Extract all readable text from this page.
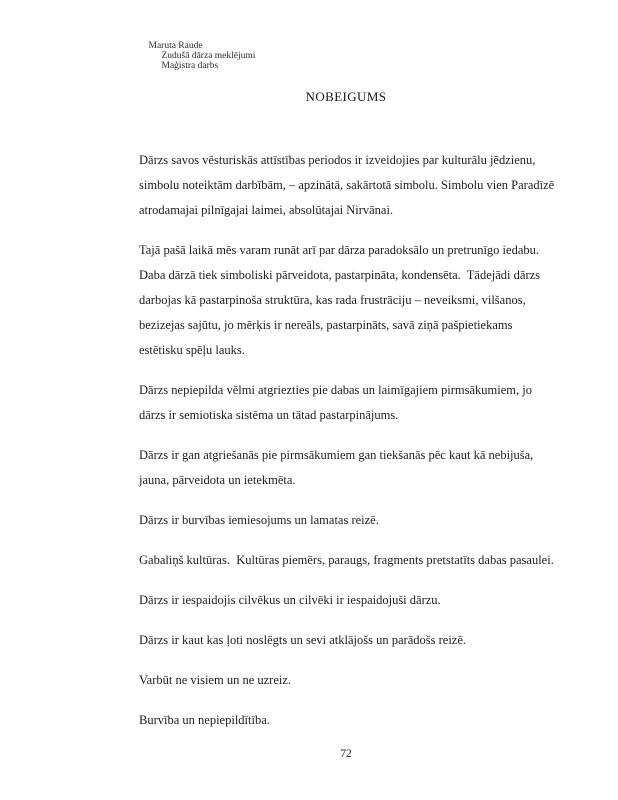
Maruta Raude
Zudušā dārza meklējumi
Maģistra darbs

NOBEIGUMS

Dārzs savos vēsturiskās attīstības periodos ir izveidojies par kulturālu jēdzienu,
simbolu noteiktām darbībām, – apzinātā, sakārtotā simbolu. Simbolu vien Paradīzē
atrodamajai pilnīgajai laimei, absolūtajai Nirvānai.

Tajā pašā laikā mēs varam runāt arī par dārza paradoksālo un pretrunīgo iedabu.
Daba dārzā tiek simboliski pārveidota, pastarpināta, kondensēta.  Tādejādi dārzs
darbojas kā pastarpinoša struktūra, kas rada frustrāciju – neveiksmi, vilšanos,
bezizejas sajūtu, jo mērķis ir nereāls, pastarpināts, savā ziņā pašpietiekams
estētisku spēļu lauks.

Dārzs nepiepilda vēlmi atgriezties pie dabas un laimīgajiem pirmsākumiem, jo
dārzs ir semiotiska sistēma un tātad pastarpinājums.

Dārzs ir gan atgriešanās pie pirmsākumiem gan tiekšanās pēc kaut kā nebijuša,
jauna, pārveidota un ietekmēta.

Dārzs ir burvības iemiesojums un lamatas reizē.

Gabaliņš kultūras.  Kultūras piemērs, paraugs, fragments pretstatīts dabas pasaulei.

Dārzs ir iespaidojis cilvēkus un cilvēki ir iespaidojuši dārzu.

Dārzs ir kaut kas ļoti noslēgts un sevi atklājošs un parādošs reizē.

Varbūt ne visiem un ne uzreiz.

Burvība un nepiepildītība.

72
